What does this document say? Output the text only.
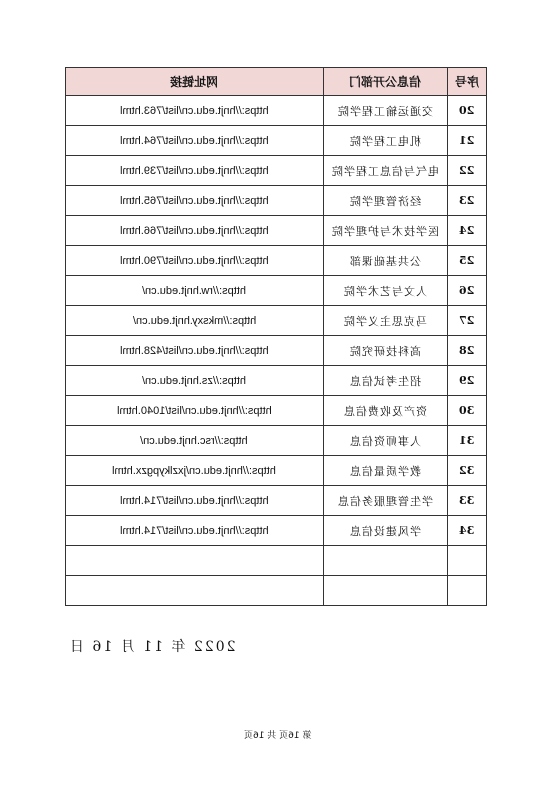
网址链接	信息公开部门	序号
https://hnjt.edu.cn/list/763.html	交通运输工程学院	20
https://hnjt.edu.cn/list/764.html	机电工程学院	21
https://hnjt.edu.cn/list/739.html	电气与信息工程学院	22
https://hnjt.edu.cn/list/765.html	经济管理学院	23
https://hnjt.edu.cn/list/766.html	医学技术与护理学院	24
https://hnjt.edu.cn/list/790.html	公共基础课部	25
https://rw.hnjt.edu.cn/	人文与艺术学院	26
https://mksxy.hnjt.edu.cn/	马克思主义学院	27
https://hnjt.edu.cn/list/428.html	高科技研究院	28
https://zs.hnjt.edu.cn/	招生考试信息	29
https://hnjt.edu.cn/list/1040.html	资产及收费信息	30
https://rsc.hnjt.edu.cn/	人事师资信息	31
https://hnjt.edu.cn/jxzlkypgzx.html	教学质量信息	32
https://hnjt.edu.cn/list/714.html	学生管理服务信息	33
https://hnjt.edu.cn/list/714.html	学风建设信息	34

2022 年 11 月 16 日
第 16页 共 16页
